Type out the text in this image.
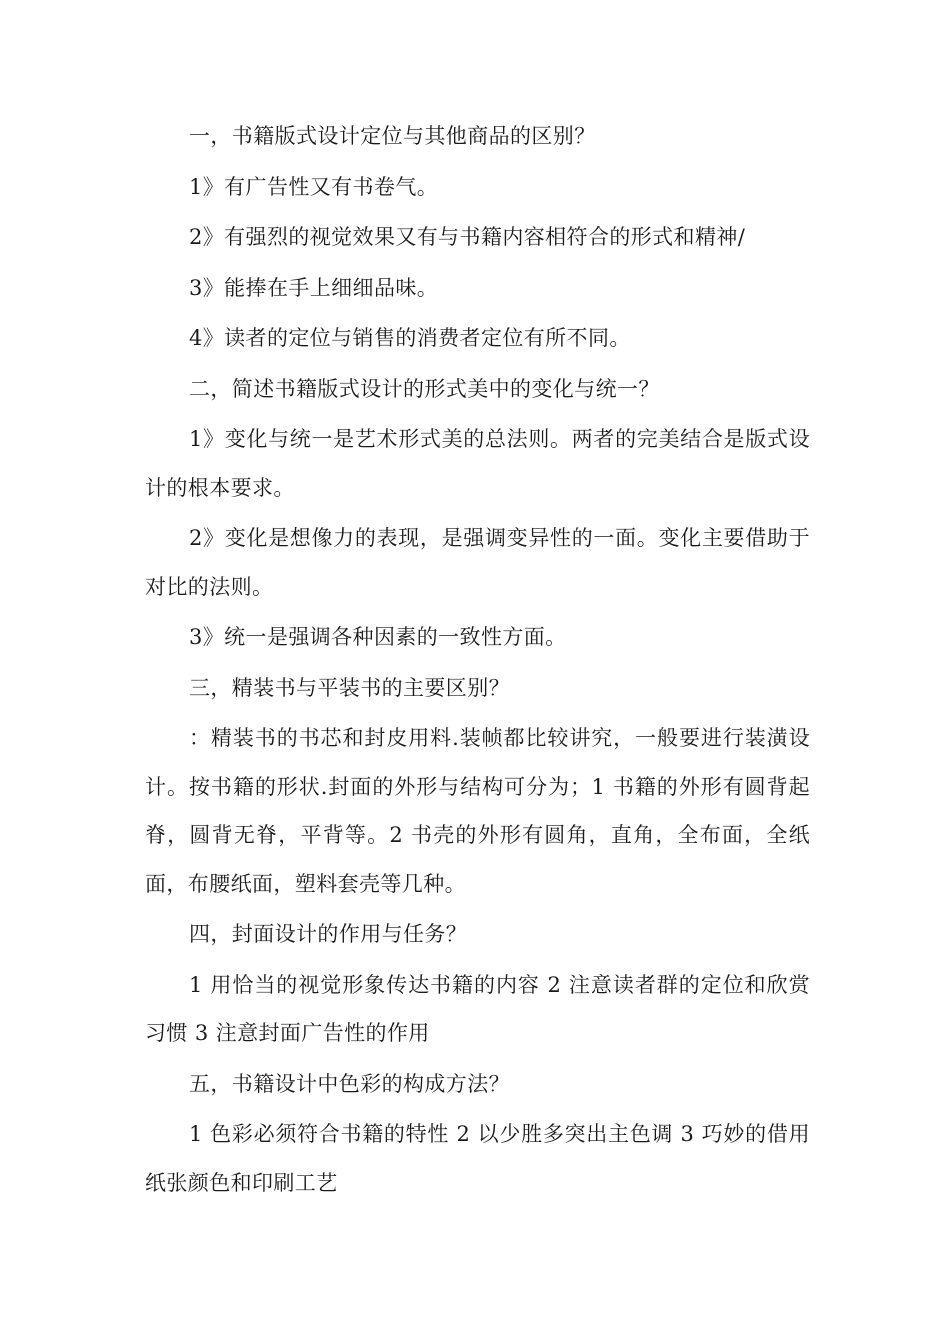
一，书籍版式设计定位与其他商品的区别？

1》有广告性又有书卷气。

2》有强烈的视觉效果又有与书籍内容相符合的形式和精神/

3》能捧在手上细细品味。

4》读者的定位与销售的消费者定位有所不同。

二，简述书籍版式设计的形式美中的变化与统一？

1》变化与统一是艺术形式美的总法则。两者的完美结合是版式设计的根本要求。

2》变化是想像力的表现，是强调变异性的一面。变化主要借助于对比的法则。

3》统一是强调各种因素的一致性方面。

三，精装书与平装书的主要区别？

：精装书的书芯和封皮用料.装帧都比较讲究，一般要进行装潢设计。按书籍的形状.封面的外形与结构可分为；1 书籍的外形有圆背起脊，圆背无脊，平背等。2 书壳的外形有圆角，直角，全布面，全纸面，布腰纸面，塑料套壳等几种。

四，封面设计的作用与任务？

1 用恰当的视觉形象传达书籍的内容 2 注意读者群的定位和欣赏习惯 3 注意封面广告性的作用

五，书籍设计中色彩的构成方法？

1 色彩必须符合书籍的特性 2 以少胜多突出主色调 3 巧妙的借用纸张颜色和印刷工艺
